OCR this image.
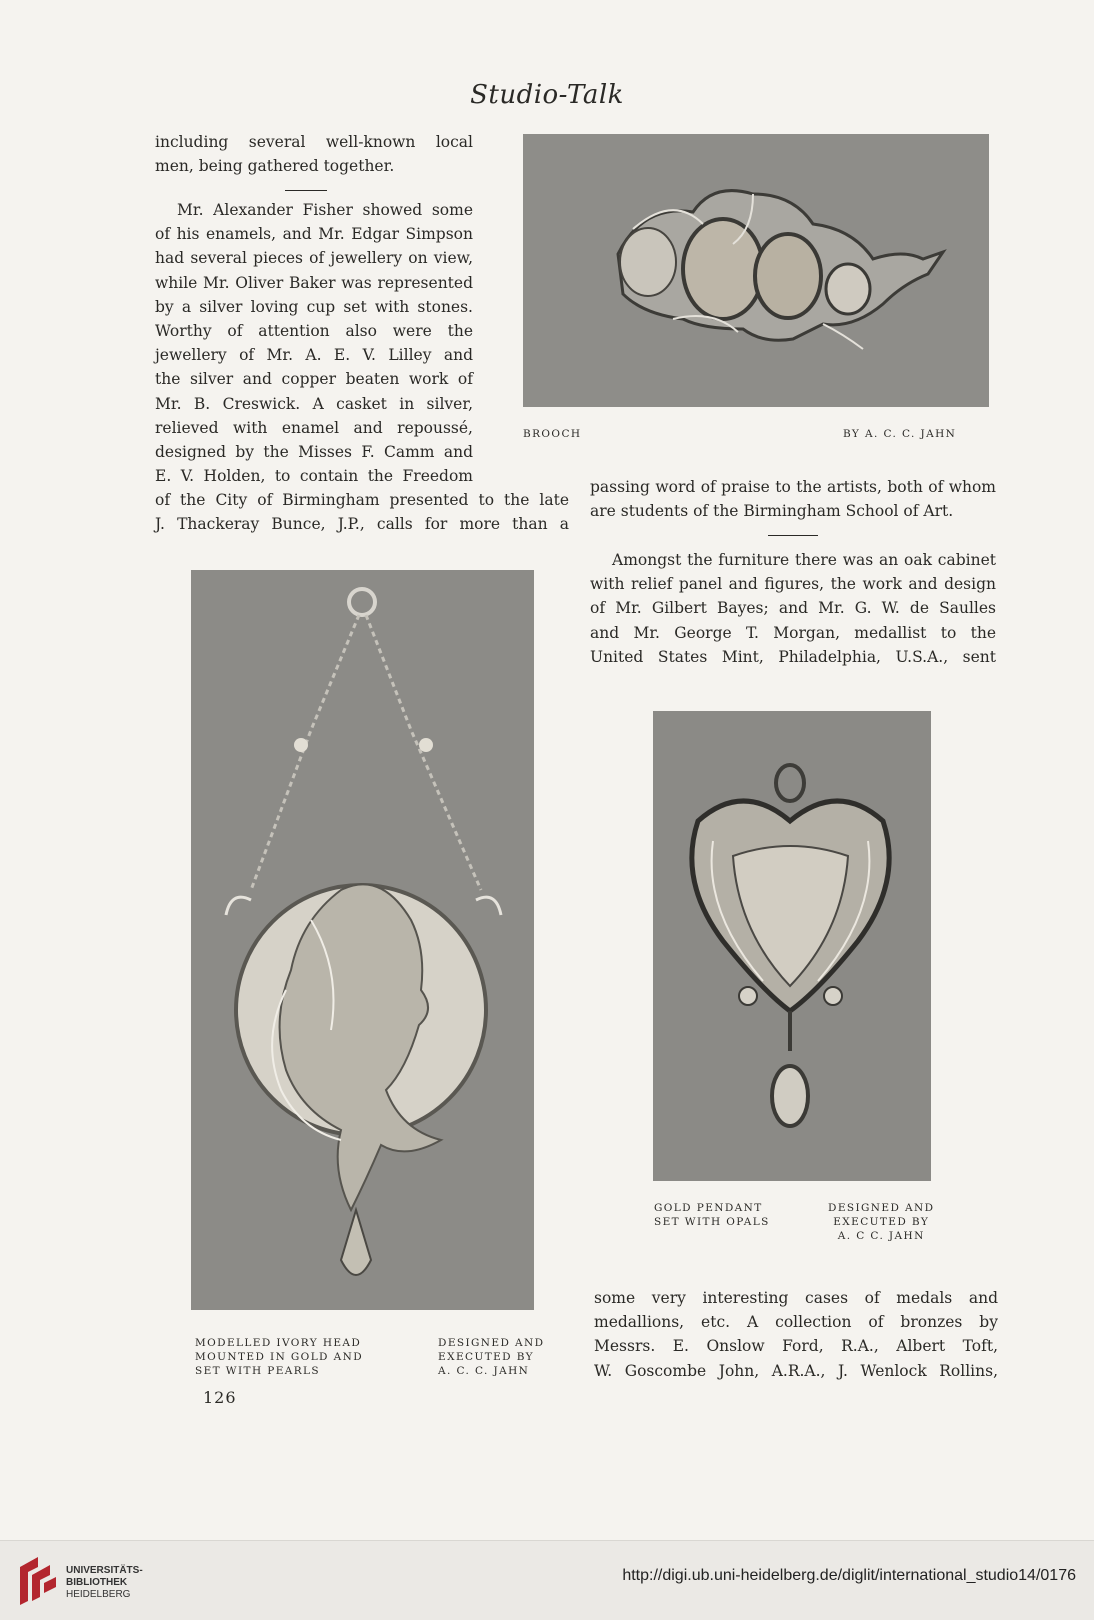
Studio-Talk

including several well-known local

men, being gathered together.

Mr. Alexander Fisher showed some

of his enamels, and Mr. Edgar Simpson

had several pieces of jewellery on view,

while Mr. Oliver Baker was represented

by a silver loving cup set with stones.

Worthy of attention also were the

jewellery of Mr. A. E. V. Lilley and

the silver and copper beaten work of

Mr. B. Creswick. A casket in silver,

relieved with enamel and repoussé,

designed by the Misses F. Camm and

E. V. Holden, to contain the Freedom

of the City of Birmingham presented to the late

J. Thackeray Bunce, J.P., calls for more than a

BROOCH	BY A. C. C. JAHN

passing word of praise to the artists, both of whom

are students of the Birmingham School of Art.

Amongst the furniture there was an oak cabinet

with relief panel and figures, the work and design

of Mr. Gilbert Bayes; and Mr. G. W. de Saulles

and Mr. George T. Morgan, medallist to the

United States Mint, Philadelphia, U.S.A., sent

MODELLED IVORY HEAD
MOUNTED IN GOLD AND
SET WITH PEARLS
DESIGNED AND
EXECUTED BY
A. C. C. JAHN
GOLD PENDANT
SET WITH OPALS
DESIGNED AND
EXECUTED BY
A. C C. JAHN

some very interesting cases of medals and

medallions, etc. A collection of bronzes by

Messrs. E. Onslow Ford, R.A., Albert Toft,

W. Goscombe John, A.R.A., J. Wenlock Rollins,

126
UNIVERSITÄTS-
BIBLIOTHEK
HEIDELBERG
http://digi.ub.uni-heidelberg.de/diglit/international_studio14/0176
